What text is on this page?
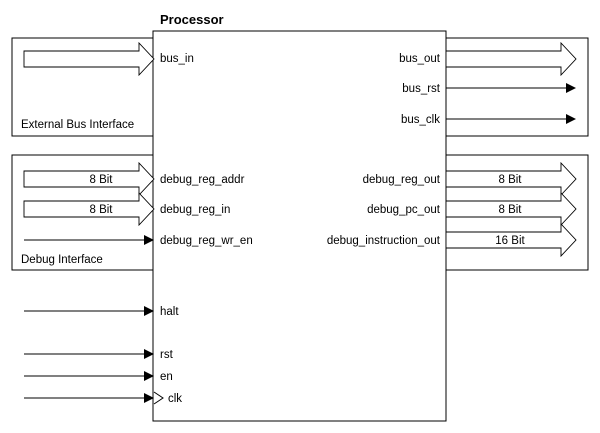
Processor
External Bus Interface
Debug Interface
bus_in
8 Bit	debug_reg_addr
8 Bit	debug_reg_in
debug_reg_wr_en
halt
rst
en
clk
bus_out
bus_rst
bus_clk
8 Bit
debug_reg_out
8 Bit
debug_pc_out
16 Bit
debug_instruction_out
